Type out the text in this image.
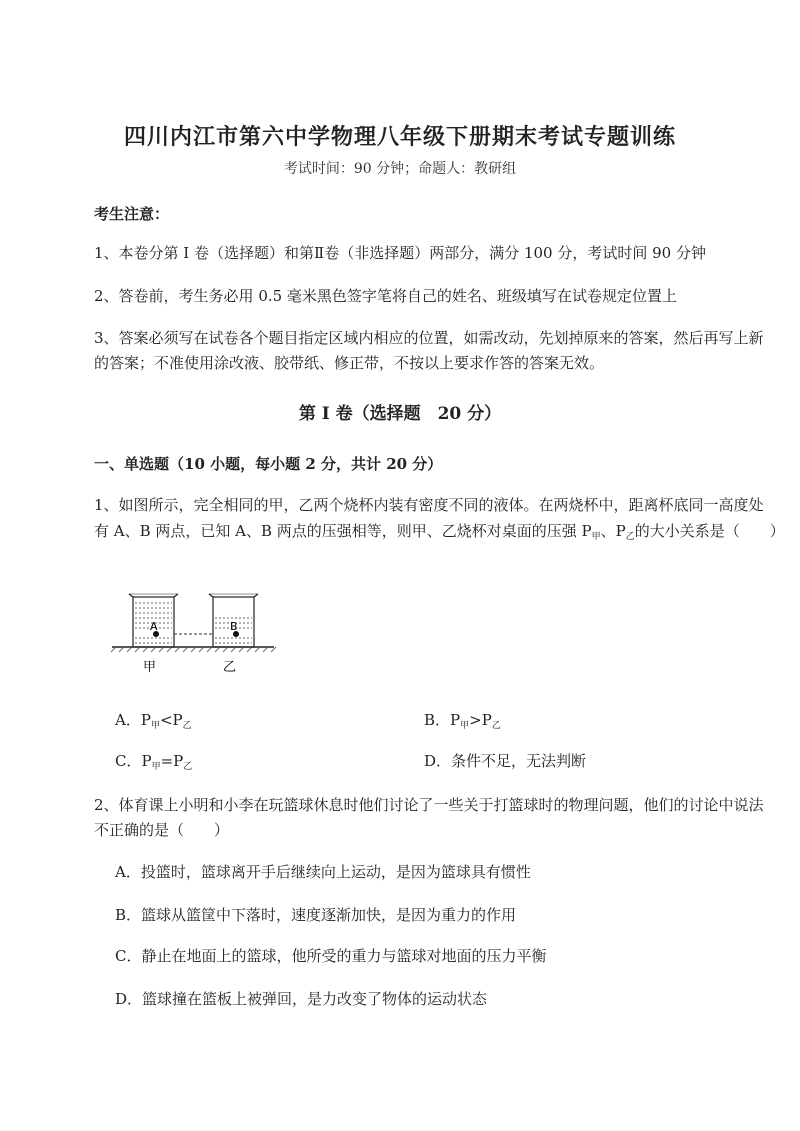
四川内江市第六中学物理八年级下册期末考试专题训练
考试时间：90 分钟；命题人：教研组
考生注意：
1、本卷分第 I 卷（选择题）和第Ⅱ卷（非选择题）两部分，满分 100 分，考试时间 90 分钟
2、答卷前，考生务必用 0.5 毫米黑色签字笔将自己的姓名、班级填写在试卷规定位置上
3、答案必须写在试卷各个题目指定区域内相应的位置，如需改动，先划掉原来的答案，然后再写上新
的答案；不准使用涂改液、胶带纸、修正带，不按以上要求作答的答案无效。
第 I 卷（选择题　20 分）
一、单选题（10 小题，每小题 2 分，共计 20 分）
1、如图所示，完全相同的甲，乙两个烧杯内装有密度不同的液体。在两烧杯中，距离杯底同一高度处
有 A、B 两点，已知 A、B 两点的压强相等，则甲、乙烧杯对桌面的压强 $P_甲$、$P_乙$的大小关系是（　　）
A	B
甲	乙
A．$P_甲<P_乙$	B．$P_甲>P_乙$
C．$P_甲=P_乙$	D．条件不足，无法判断
2、体育课上小明和小李在玩篮球休息时他们讨论了一些关于打篮球时的物理问题，他们的讨论中说法
不正确的是（　　）
A．投篮时，篮球离开手后继续向上运动，是因为篮球具有惯性
B．篮球从篮筐中下落时，速度逐渐加快，是因为重力的作用
C．静止在地面上的篮球，他所受的重力与篮球对地面的压力平衡
D．篮球撞在篮板上被弹回，是力改变了物体的运动状态
